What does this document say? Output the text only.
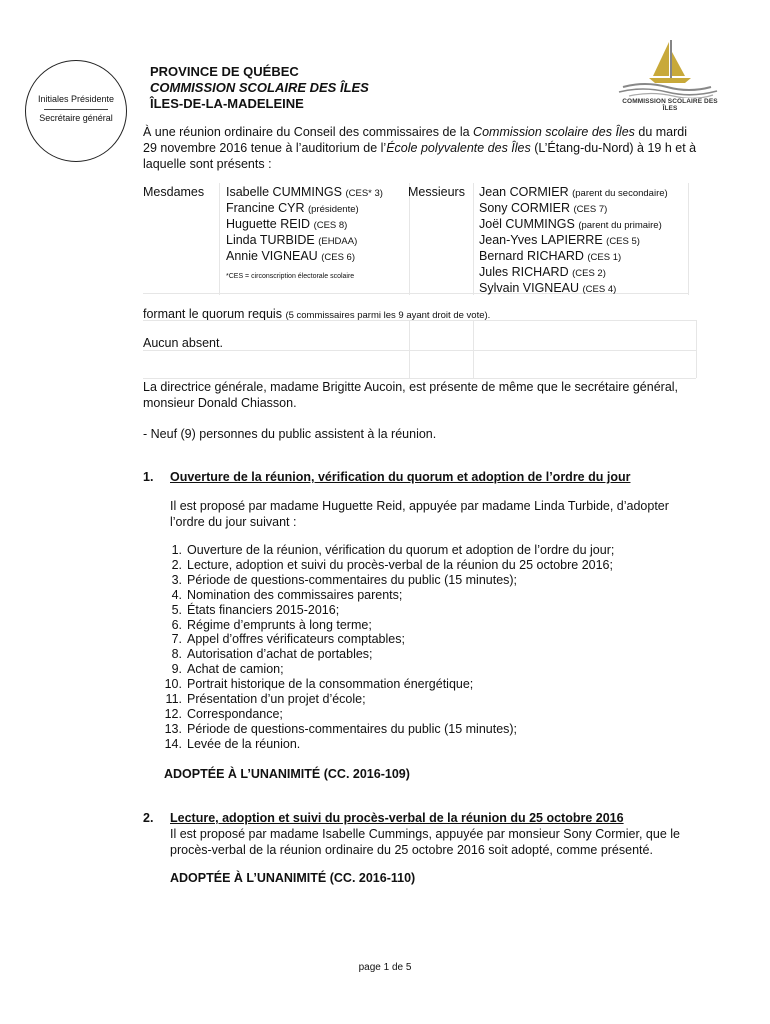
Initiales Présidente
Secrétaire général
PROVINCE DE QUÉBEC
COMMISSION SCOLAIRE DES ÎLES
ÎLES-DE-LA-MADELEINE	COMMISSION SCOLAIRE DES ÎLES
À une réunion ordinaire du Conseil des commissaires de la Commission scolaire des Îles du mardi 29 novembre 2016 tenue à l’auditorium de l’École polyvalente des Îles (L’Étang-du-Nord) à 19 h et à laquelle sont présents :
Mesdames Isabelle CUMMINGS (CES* 3)
Francine CYR (présidente)
Huguette REID (CES 8)
Linda TURBIDE (EHDAA)
Annie VIGNEAU (CES 6)
*CES = circonscription électorale scolaire
Messieurs Jean CORMIER (parent du secondaire)
Sony CORMIER (CES 7)
Joël CUMMINGS (parent du primaire)
Jean-Yves LAPIERRE (CES 5)
Bernard RICHARD (CES 1)
Jules RICHARD (CES 2)
Sylvain VIGNEAU (CES 4)
formant le quorum requis (5 commissaires parmi les 9 ayant droit de vote).
Aucun absent.
La directrice générale, madame Brigitte Aucoin, est présente de même que le secrétaire général, monsieur Donald Chiasson.
- Neuf (9) personnes du public assistent à la réunion.
1. Ouverture de la réunion, vérification du quorum et adoption de l’ordre du jour
Il est proposé par madame Huguette Reid, appuyée par madame Linda Turbide, d’adopter l’ordre du jour suivant :
1. Ouverture de la réunion, vérification du quorum et adoption de l’ordre du jour;
2. Lecture, adoption et suivi du procès-verbal de la réunion du 25 octobre 2016;
3. Période de questions-commentaires du public (15 minutes);
4. Nomination des commissaires parents;
5. États financiers 2015-2016;
6. Régime d’emprunts à long terme;
7. Appel d’offres vérificateurs comptables;
8. Autorisation d’achat de portables;
9. Achat de camion;
10. Portrait historique de la consommation énergétique;
11. Présentation d’un projet d’école;
12. Correspondance;
13. Période de questions-commentaires du public (15 minutes);
14. Levée de la réunion.
ADOPTÉE À L’UNANIMITÉ (CC. 2016-109)
2. Lecture, adoption et suivi du procès-verbal de la réunion du 25 octobre 2016
Il est proposé par madame Isabelle Cummings, appuyée par monsieur Sony Cormier, que le procès-verbal de la réunion ordinaire du 25 octobre 2016 soit adopté, comme présenté.
ADOPTÉE À L’UNANIMITÉ (CC. 2016-110)
page 1 de 5
